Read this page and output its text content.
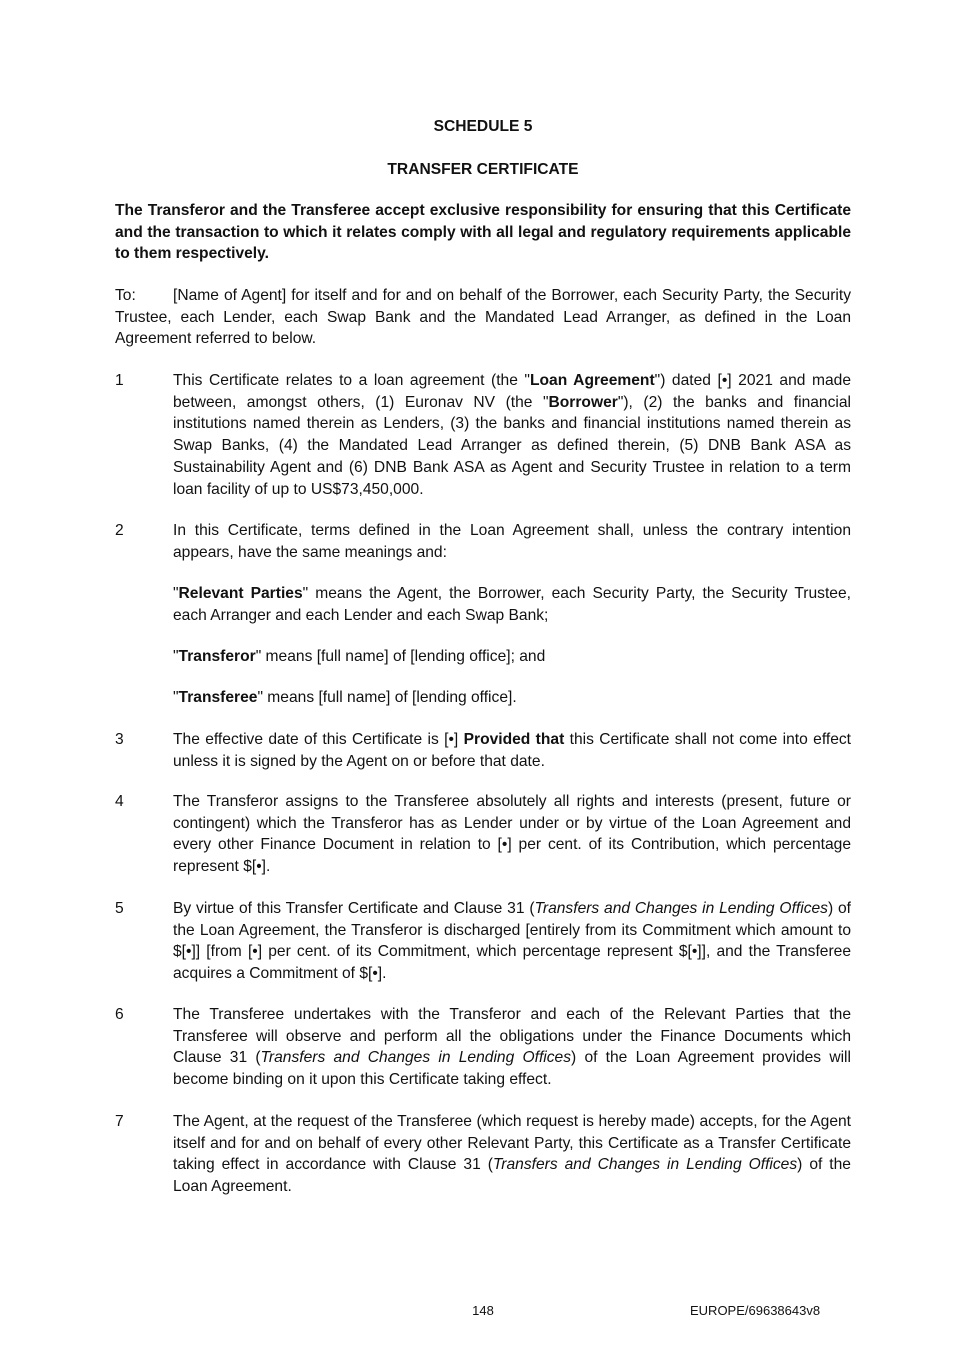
SCHEDULE 5

TRANSFER CERTIFICATE

The Transferor and the Transferee accept exclusive responsibility for ensuring that this Certificate and the transaction to which it relates comply with all legal and regulatory requirements applicable to them respectively.

To: [Name of Agent] for itself and for and on behalf of the Borrower, each Security Party, the Security Trustee, each Lender, each Swap Bank and the Mandated Lead Arranger, as defined in the Loan Agreement referred to below.

1	This Certificate relates to a loan agreement (the "Loan Agreement") dated [•] 2021 and made between, amongst others, (1) Euronav NV (the "Borrower"), (2) the banks and financial institutions named therein as Lenders, (3) the banks and financial institutions named therein as Swap Banks, (4) the Mandated Lead Arranger as defined therein, (5) DNB Bank ASA as Sustainability Agent and (6) DNB Bank ASA as Agent and Security Trustee in relation to a term loan facility of up to US$73,450,000.

2	In this Certificate, terms defined in the Loan Agreement shall, unless the contrary intention appears, have the same meanings and:

"Relevant Parties" means the Agent, the Borrower, each Security Party, the Security Trustee, each Arranger and each Lender and each Swap Bank;

"Transferor" means [full name] of [lending office]; and

"Transferee" means [full name] of [lending office].

3	The effective date of this Certificate is [•] Provided that this Certificate shall not come into effect unless it is signed by the Agent on or before that date.

4	The Transferor assigns to the Transferee absolutely all rights and interests (present, future or contingent) which the Transferor has as Lender under or by virtue of the Loan Agreement and every other Finance Document in relation to [•] per cent. of its Contribution, which percentage represent $[•].

5	By virtue of this Transfer Certificate and Clause 31 (Transfers and Changes in Lending Offices) of the Loan Agreement, the Transferor is discharged [entirely from its Commitment which amount to $[•]] [from [•] per cent. of its Commitment, which percentage represent $[•]], and the Transferee acquires a Commitment of $[•].

6	The Transferee undertakes with the Transferor and each of the Relevant Parties that the Transferee will observe and perform all the obligations under the Finance Documents which Clause 31 (Transfers and Changes in Lending Offices) of the Loan Agreement provides will become binding on it upon this Certificate taking effect.

7	The Agent, at the request of the Transferee (which request is hereby made) accepts, for the Agent itself and for and on behalf of every other Relevant Party, this Certificate as a Transfer Certificate taking effect in accordance with Clause 31 (Transfers and Changes in Lending Offices) of the Loan Agreement.

148	EUROPE/69638643v8
